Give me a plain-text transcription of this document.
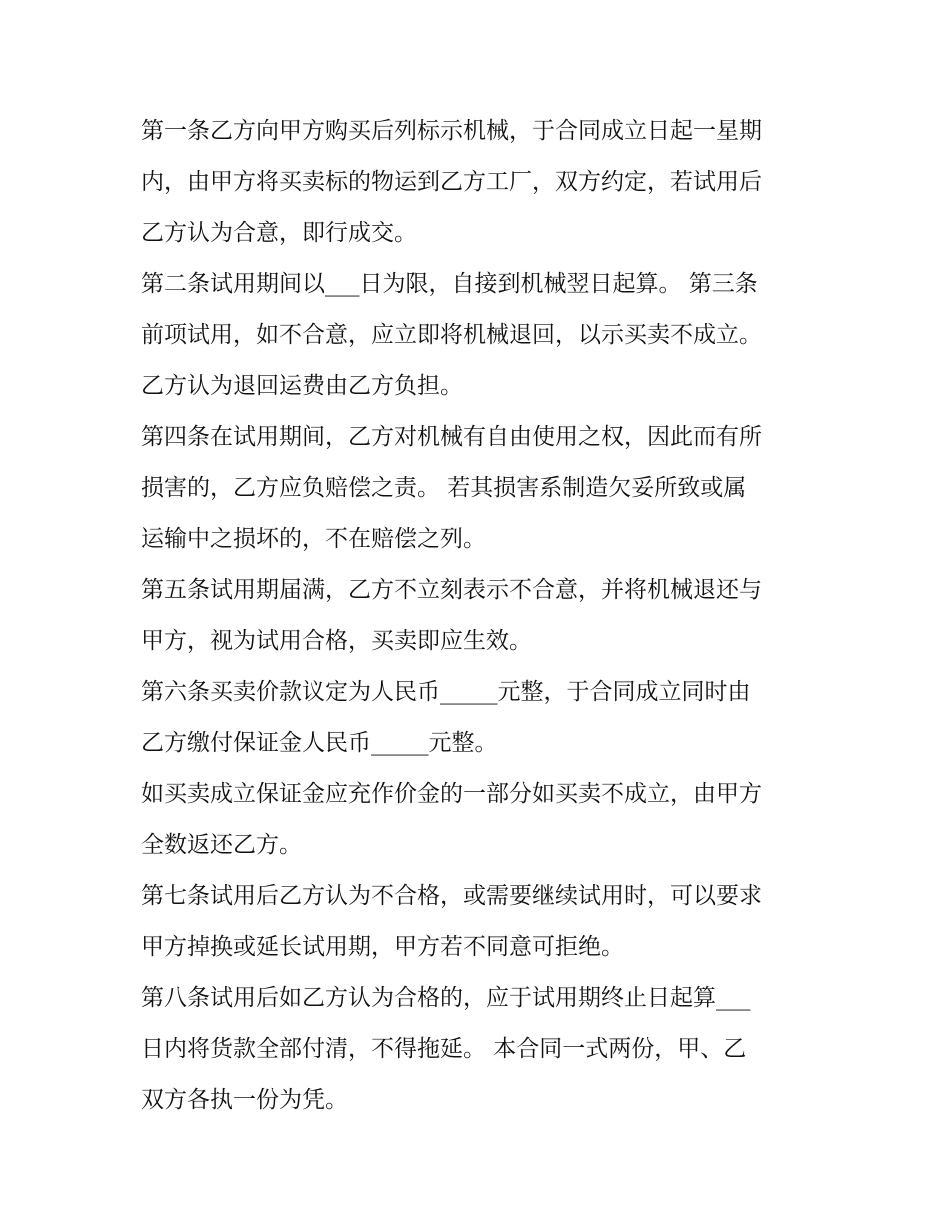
第一条乙方向甲方购买后列标示机械，于合同成立日起一星期
内，由甲方将买卖标的物运到乙方工厂，双方约定，若试用后
乙方认为合意，即行成交。
第二条试用期间以___日为限，自接到机械翌日起算。 第三条
前项试用，如不合意，应立即将机械退回，以示买卖不成立。
乙方认为退回运费由乙方负担。
第四条在试用期间，乙方对机械有自由使用之权，因此而有所
损害的，乙方应负赔偿之责。 若其损害系制造欠妥所致或属
运输中之损坏的，不在赔偿之列。
第五条试用期届满，乙方不立刻表示不合意，并将机械退还与
甲方，视为试用合格，买卖即应生效。
第六条买卖价款议定为人民币_____元整，于合同成立同时由
乙方缴付保证金人民币_____元整。
如买卖成立保证金应充作价金的一部分如买卖不成立，由甲方
全数返还乙方。
第七条试用后乙方认为不合格，或需要继续试用时，可以要求
甲方掉换或延长试用期，甲方若不同意可拒绝。
第八条试用后如乙方认为合格的，应于试用期终止日起算___
日内将货款全部付清，不得拖延。 本合同一式两份，甲、乙
双方各执一份为凭。
